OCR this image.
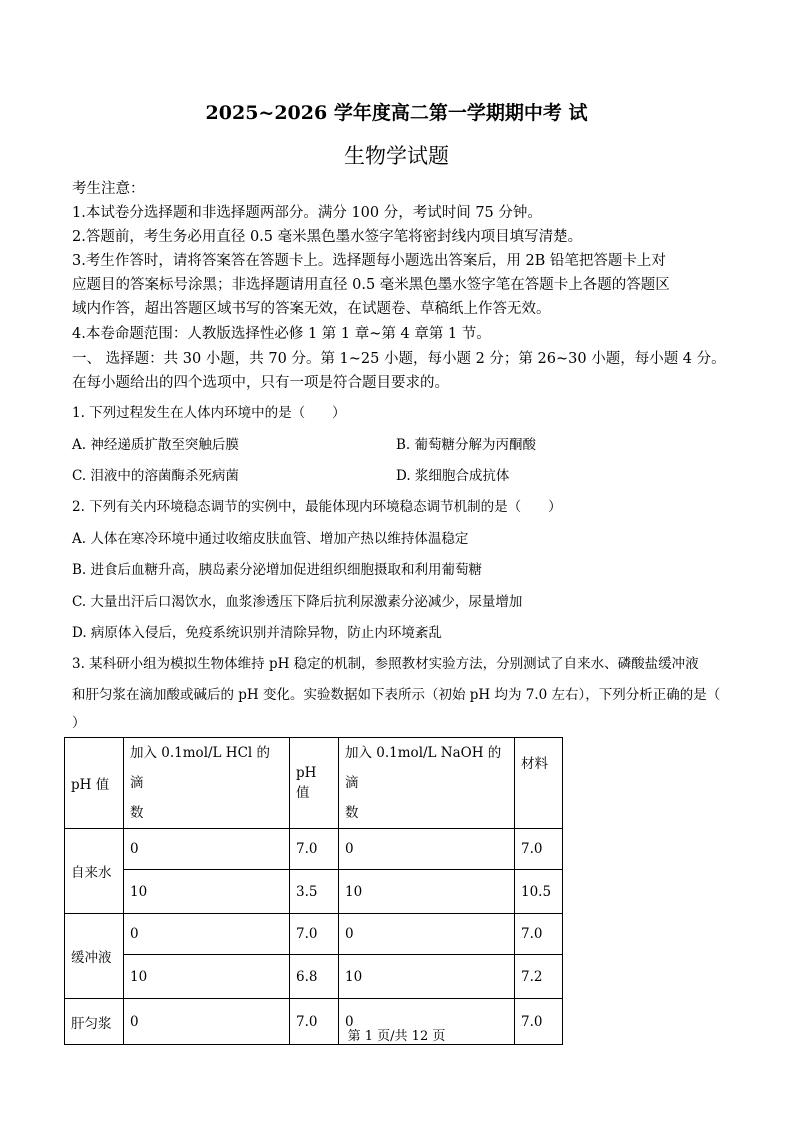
2025~2026 学年度高二第一学期期中考 试
生物学试题
考生注意：
1.本试卷分选择题和非选择题两部分。满分 100 分，考试时间 75 分钟。
2.答题前，考生务必用直径 0.5 毫米黑色墨水签字笔将密封线内项目填写清楚。
3.考生作答时，请将答案答在答题卡上。选择题每小题选出答案后，用 2B 铅笔把答题卡上对
应题目的答案标号涂黑；非选择题请用直径 0.5 毫米黑色墨水签字笔在答题卡上各题的答题区
域内作答，超出答题区域书写的答案无效，在试题卷、草稿纸上作答无效。
4.本卷命题范围：人教版选择性必修 1 第 1 章~第 4 章第 1 节。
一、 选择题：共 30 小题，共 70 分。第 1~25 小题，每小题 2 分；第 26~30 小题，每小题 4 分。
在每小题给出的四个选项中，只有一项是符合题目要求的。
1. 下列过程发生在人体内环境中的是（　　）
A. 神经递质扩散至突触后膜	B. 葡萄糖分解为丙酮酸
C. 泪液中的溶菌酶杀死病菌	D. 浆细胞合成抗体
2. 下列有关内环境稳态调节的实例中，最能体现内环境稳态调节机制的是（　　）
A. 人体在寒冷环境中通过收缩皮肤血管、增加产热以维持体温稳定
B. 进食后血糖升高，胰岛素分泌增加促进组织细胞摄取和利用葡萄糖
C. 大量出汗后口渴饮水，血浆渗透压下降后抗利尿激素分泌减少，尿量增加
D. 病原体入侵后，免疫系统识别并清除异物，防止内环境紊乱
3. 某科研小组为模拟生物体维持 pH 稳定的机制，参照教材实验方法，分别测试了自来水、磷酸盐缓冲液
和肝匀浆在滴加酸或碱后的 pH 变化。实验数据如下表所示（初始 pH 均为 7.0 左右），下列分析正确的是（
）
pH 值	加入 0.1mol/L HCl 的滴
数	pH 值	加入 0.1mol/L NaOH 的滴
数	材料
自来水	0	7.0	0	7.0
	10	3.5	10	10.5
缓冲液	0	7.0	0	7.0
	10	6.8	10	7.2
肝匀浆	0	7.0	0	7.0
第 1 页/共 12 页
